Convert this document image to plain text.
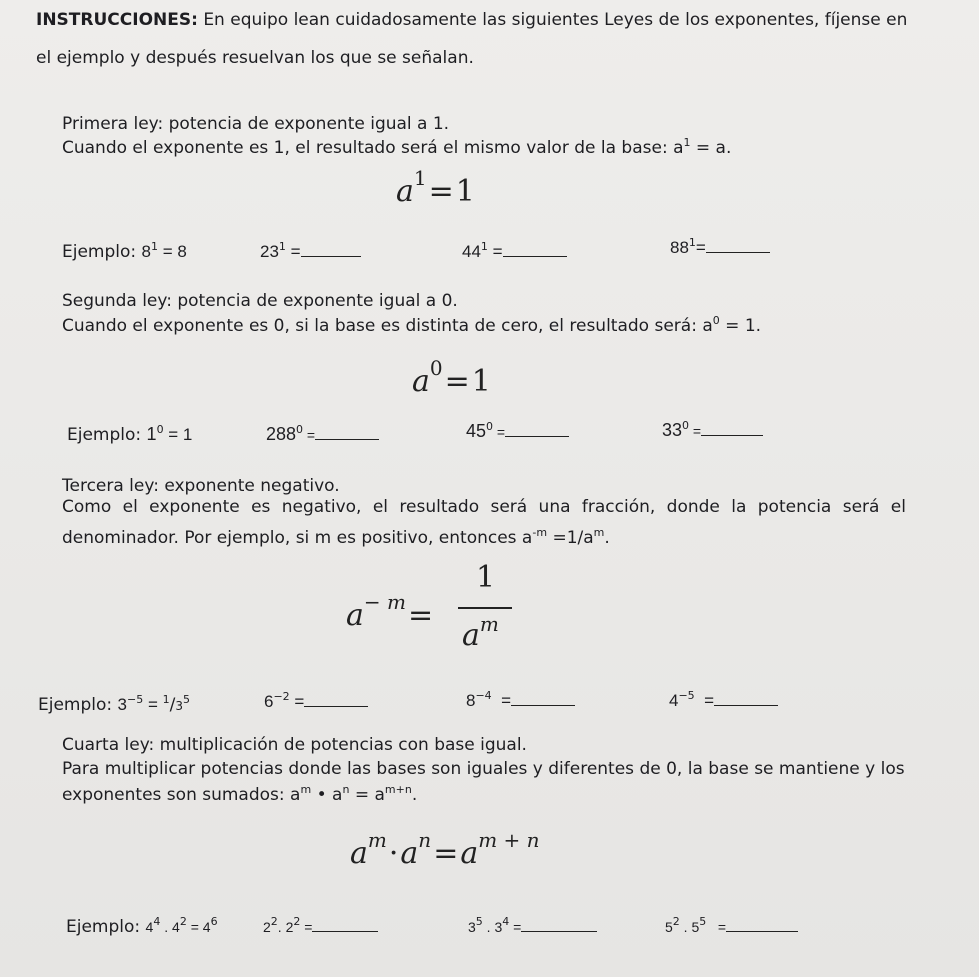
INSTRUCCIONES: En equipo lean cuidadosamente las siguientes Leyes de los exponentes, fíjense en
el ejemplo y después resuelvan los que se señalan.
Primera ley: potencia de exponente igual a 1.
Cuando el exponente es 1, el resultado será el mismo valor de la base: $a^1 = a$.
$a^1=1$
Ejemplo: $8^1 = 8$	$23^1$ =	$44^1$ =	$88^1=$
Segunda ley: potencia de exponente igual a 0.
Cuando el exponente es 0, si la base es distinta de cero, el resultado será: $a^0 = 1$.
$a^0=1$
Ejemplo: $1^0 = 1$	$288^0$ =	$45^0$ =	$33^0$ =
Tercera ley: exponente negativo.
Como el exponente es negativo, el resultado será una fracción, donde la potencia será el
denominador. Por ejemplo, si m es positivo, entonces $a^{-m} =1/a^m$.
$a^{- m}=$
1
$a^m$
Ejemplo: $3^{-5} = ^1/3^5$	$6^{-2}$ =	$8^{-4}$  =	$4^{-5}$  =
Cuarta ley: multiplicación de potencias con base igual.
Para multiplicar potencias donde las bases son iguales y diferentes de 0, la base se mantiene y los
exponentes son sumados: $a^m$ • $a^n = a^{m+n}$.
$a^m\cdot a^n=a^{m + n}$
Ejemplo: $4^4$ . $4^2 = 4^6$	$2^2$. $2^2$ =	$3^5$ . $3^4$ =	$5^2$ . $5^5$   =
